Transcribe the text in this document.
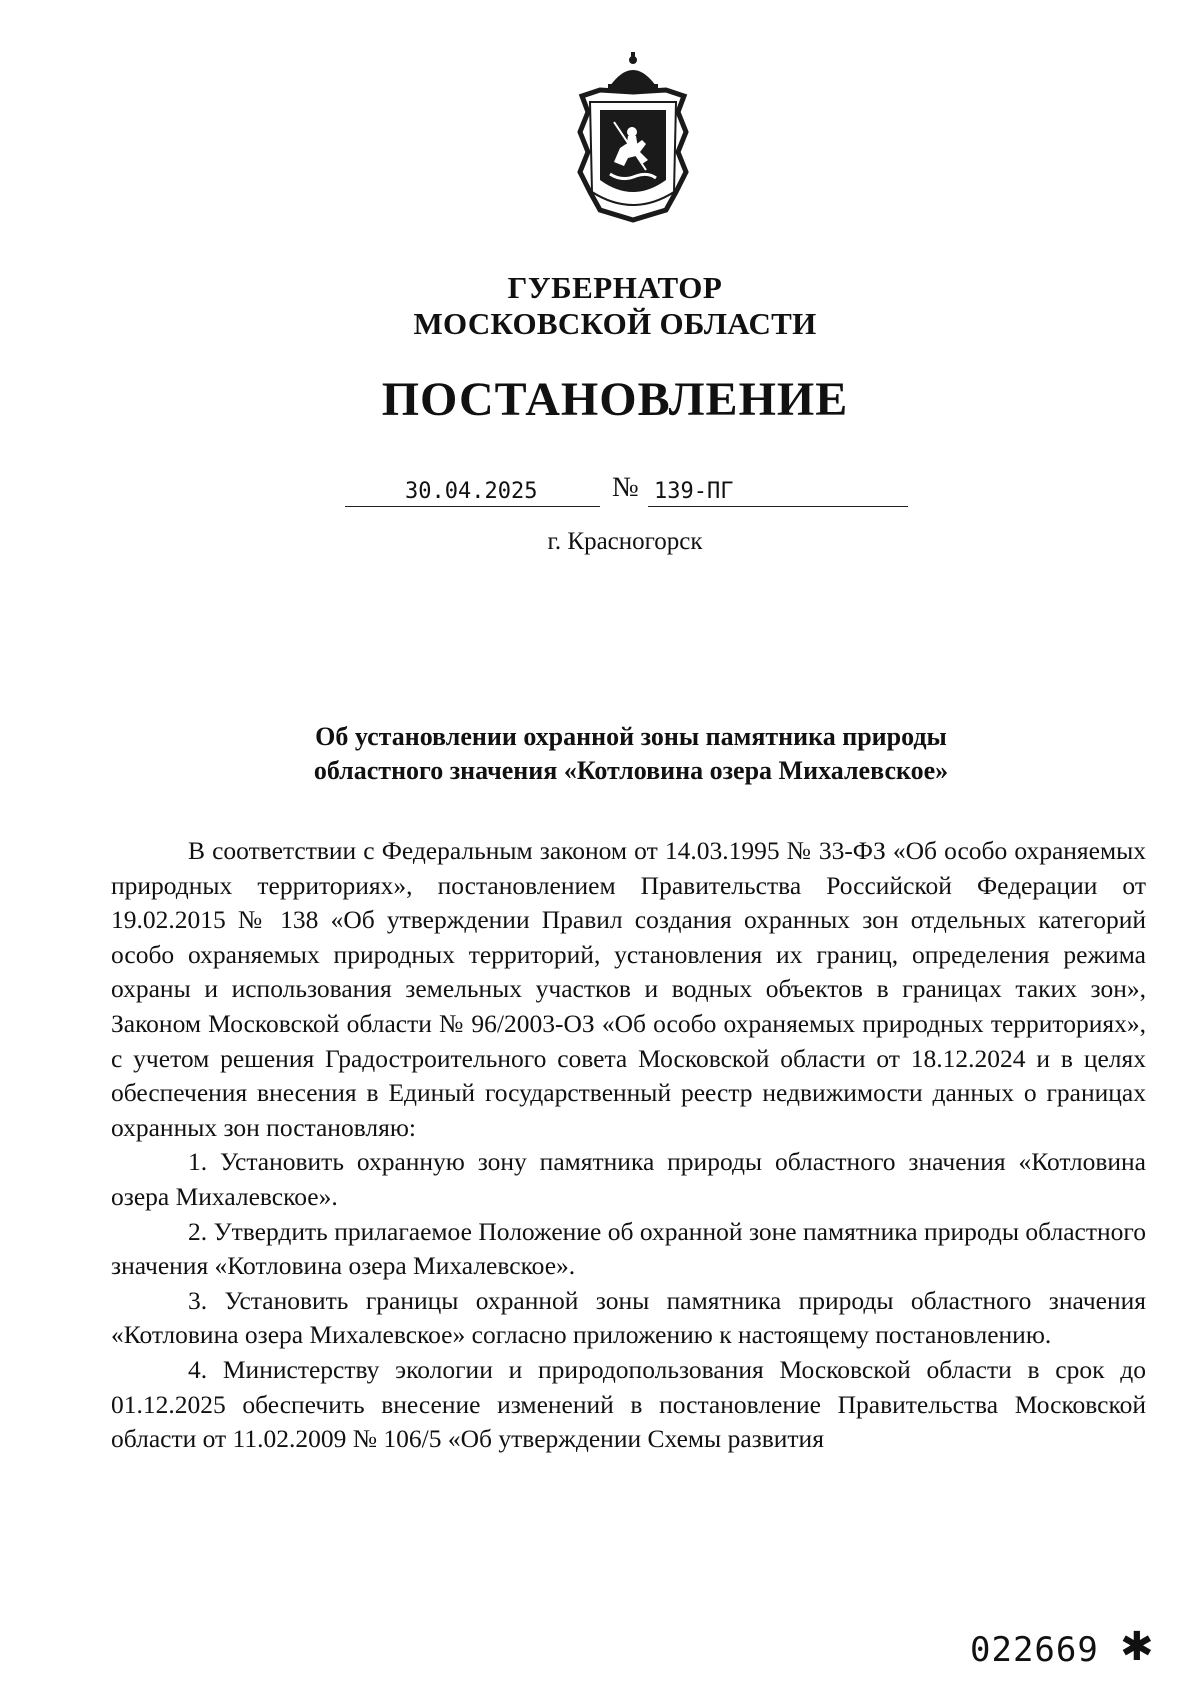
ГУБЕРНАТОР
МОСКОВСКОЙ ОБЛАСТИ
ПОСТАНОВЛЕНИЕ
30.04.2025	№ 139-ПГ
г. Красногорск
Об установлении охранной зоны памятника природы
областного значения «Котловина озера Михалевское»

В соответствии с Федеральным законом от 14.03.1995 № 33-ФЗ «Об особо охраняемых природных территориях», постановлением Правительства Российской Федерации от 19.02.2015 № 138 «Об утверждении Правил создания охранных зон отдельных категорий особо охраняемых природных территорий, установления их границ, определения режима охраны и использования земельных участков и водных объектов в границах таких зон», Законом Московской области № 96/2003-ОЗ «Об особо охраняемых природных территориях», с учетом решения Градостроительного совета Московской области от 18.12.2024 и в целях обеспечения внесения в Единый государственный реестр недвижимости данных о границах охранных зон постановляю:

1. Установить охранную зону памятника природы областного значения «Котловина озера Михалевское».

2. Утвердить прилагаемое Положение об охранной зоне памятника природы областного значения «Котловина озера Михалевское».

3. Установить границы охранной зоны памятника природы областного значения «Котловина озера Михалевское» согласно приложению к настоящему постановлению.

4. Министерству экологии и природопользования Московской области в срок до 01.12.2025 обеспечить внесение изменений в постановление Правительства Московской области от 11.02.2009 № 106/5 «Об утверждении Схемы развития

022669 ✱
